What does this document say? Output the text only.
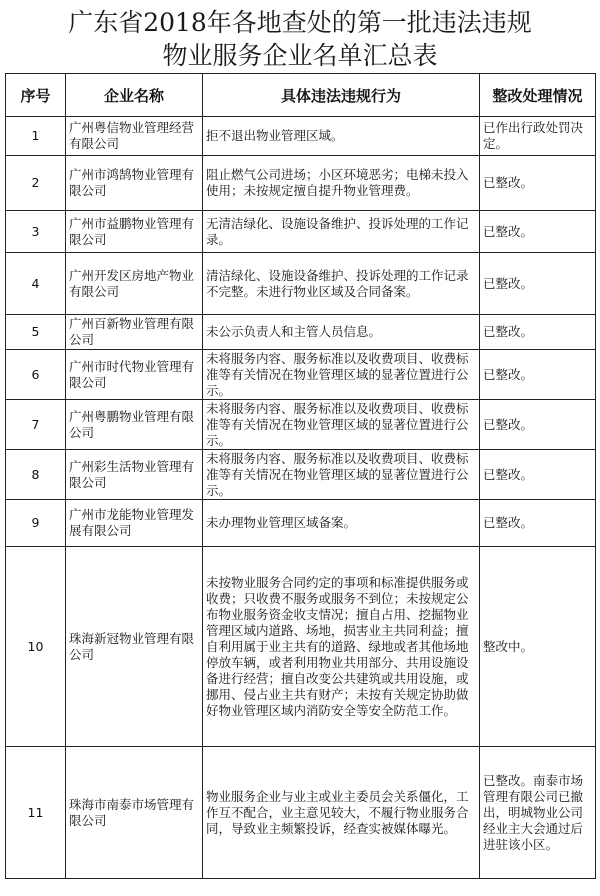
广东省2018年各地查处的第一批违法违规
物业服务企业名单汇总表
序号	企业名称	具体违法违规行为	整改处理情况
1	广州粤信物业管理经营有限公司	拒不退出物业管理区域。	已作出行政处罚决定。
2	广州市鸿鹄物业管理有限公司	阻止燃气公司进场；小区环境恶劣；电梯未投入使用；未按规定擅自提升物业管理费。	已整改。
3	广州市益鹏物业管理有限公司	无清洁绿化、设施设备维护、投诉处理的工作记录。	已整改。
4	广州开发区房地产物业有限公司	清洁绿化、设施设备维护、投诉处理的工作记录不完整。未进行物业区域及合同备案。	已整改。
5	广州百新物业管理有限公司	未公示负责人和主管人员信息。	已整改。
6	广州市时代物业管理有限公司	未将服务内容、服务标准以及收费项目、收费标准等有关情况在物业管理区域的显著位置进行公示。	已整改。
7	广州粤鹏物业管理有限公司	未将服务内容、服务标准以及收费项目、收费标准等有关情况在物业管理区域的显著位置进行公示。	已整改。
8	广州彩生活物业管理有限公司	未将服务内容、服务标准以及收费项目、收费标准等有关情况在物业管理区域的显著位置进行公示。	已整改。
9	广州市龙能物业管理发展有限公司	未办理物业管理区域备案。	已整改。
10	珠海新冠物业管理有限公司	未按物业服务合同约定的事项和标准提供服务或收费；只收费不服务或服务不到位；未按规定公布物业服务资金收支情况；擅自占用、挖掘物业管理区域内道路、场地，损害业主共同利益；擅自利用属于业主共有的道路、绿地或者其他场地停放车辆，或者利用物业共用部分、共用设施设备进行经营；擅自改变公共建筑或共用设施，或挪用、侵占业主共有财产；未按有关规定协助做好物业管理区域内消防安全等安全防范工作。	整改中。
11	珠海市南泰市场管理有限公司	物业服务企业与业主或业主委员会关系僵化，工作互不配合，业主意见较大，不履行物业服务合同，导致业主频繁投诉，经查实被媒体曝光。	已整改。南泰市场管理有限公司已撤出，明城物业公司经业主大会通过后进驻该小区。
